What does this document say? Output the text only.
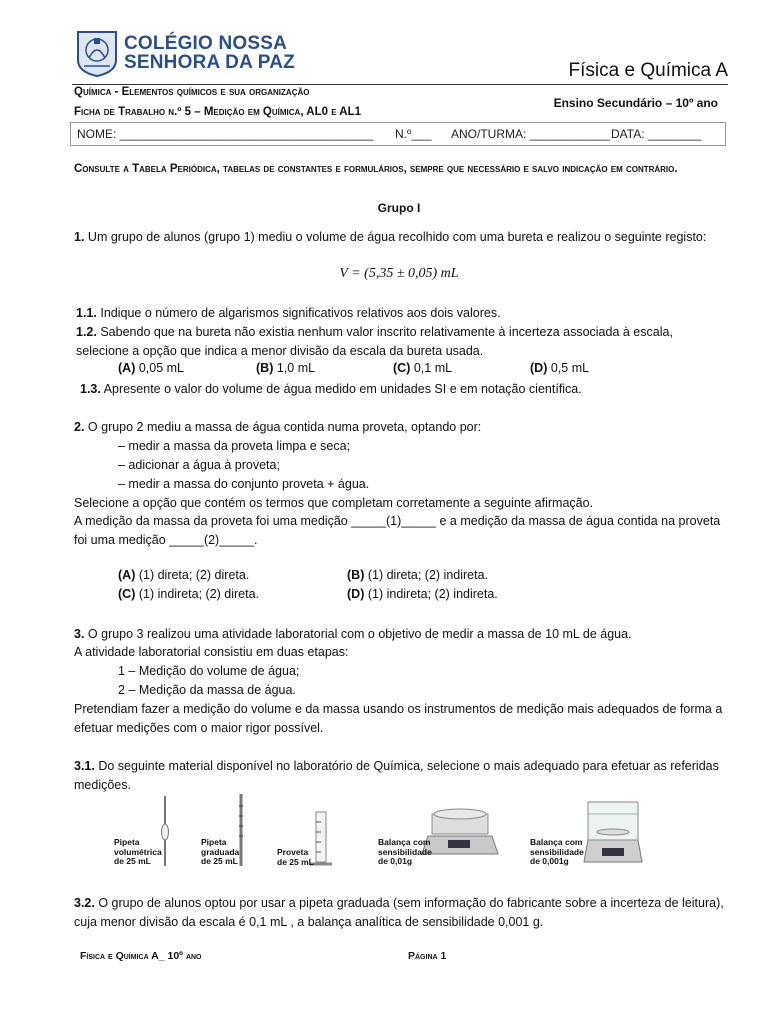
COLÉGIO NOSSA
SENHORA DA PAZ	Física e Química A
Química - Elementos químicos e sua organização
Ficha de Trabalho n.º 5 – Medição em Química, AL0 e AL1
Ensino Secundário – 10º ano
NOME: ______________________________________ N.º___ ANO/TURMA: ____________ DATA: ________
Consulte a Tabela Periódica, tabelas de constantes e formulários, sempre que necessário e salvo indicação em contrário.
Grupo I
1. Um grupo de alunos (grupo 1) mediu o volume de água recolhido com uma bureta e realizou o seguinte registo:
V = (5,35 ± 0,05) mL
1.1. Indique o número de algarismos significativos relativos aos dois valores.
1.2. Sabendo que na bureta não existia nenhum valor inscrito relativamente à incerteza associada à escala, selecione a opção que indica a menor divisão da escala da bureta usada.
(A) 0,05 mL	(B) 1,0 mL	(C) 0,1 mL	(D) 0,5 mL
1.3. Apresente o valor do volume de água medido em unidades SI e em notação científica.
2. O grupo 2 mediu a massa de água contida numa proveta, optando por:
– medir a massa da proveta limpa e seca;
– adicionar a água à proveta;
– medir a massa do conjunto proveta + água.
Selecione a opção que contém os termos que completam corretamente a seguinte afirmação.
A medição da massa da proveta foi uma medição _____(1)_____ e a medição da massa de água contida na proveta foi uma medição _____(2)_____.
(A) (1) direta; (2) direta.	(B) (1) direta; (2) indireta.
(C) (1) indireta; (2) direta.	(D) (1) indireta; (2) indireta.
3. O grupo 3 realizou uma atividade laboratorial com o objetivo de medir a massa de 10 mL de água.
A atividade laboratorial consistiu em duas etapas:
1 – Medição do volume de água;
2 – Medição da massa de água.
Pretendiam fazer a medição do volume e da massa usando os instrumentos de medição mais adequados de forma a efetuar medições com o maior rigor possível.
3.1. Do seguinte material disponível no laboratório de Química, selecione o mais adequado para efetuar as referidas medições.
Pipeta
volumétrica
de 25 mL
Pipeta
graduada
de 25 mL
Proveta
de 25 mL
Balança com
sensibilidade
de 0,01g
Balança com
sensibilidade
de 0,001g
3.2. O grupo de alunos optou por usar a pipeta graduada (sem informação do fabricante sobre a incerteza de leitura), cuja menor divisão da escala é 0,1 mL , a balança analítica de sensibilidade 0,001 g.
Física e Química A_ 10º ano	Página 1
